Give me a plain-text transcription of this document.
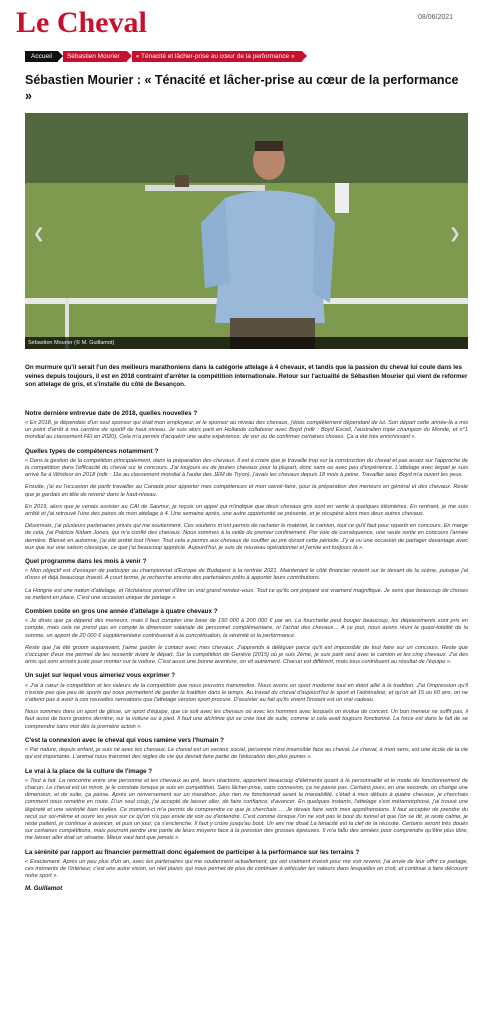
Le Cheval	08/06/2021
Accueil	Sébastien Mourier	« Ténacité et lâcher-prise au cœur de la performance »
Sébastien Mourier : « Ténacité et lâcher-prise au cœur de la performance »
❮	❯
Sébastien Mourier (© M. Guillamot)

On murmure qu'il serait l'un des meilleurs marathoniens dans la catégorie attelage à 4 chevaux, et tandis que la passion du cheval lui coule dans les veines depuis toujours, il est en 2018 contraint d'arrêter la compétition internationale. Retour sur l'actualité de Sébastien Mourier qui vient de reformer son attelage de gris, et s'installe du côté de Besançon.

Notre dernière entrevue date de 2018, quelles nouvelles ?

« En 2018, je dépendais d'un seul sponsor qui était mon employeur, et le sponsor au niveau des chevaux, j'étais complètement dépendant de lui. Son départ cette année-là a mis un point d'arrêt à ma carrière de sportif de haut niveau. Je suis alors parti en Hollande collaborer avec Boyd (ndlr : Boyd Excell, l'australien triple champion du Monde, et n°1 mondial au classement FEI en 2020). Cela m'a permis d'acquérir une autre expérience, de voir ou de confirmer certaines choses. Ça a été très enrichissant ».

Quelles types de compétences notamment ?

« Dans la gestion de la compétition principalement, dans la préparation des chevaux. Il est à croire que je travaille trop sur la construction du cheval et pas assez sur l'approche de la compétition dans l'efficacité du cheval sur le concours. J'ai toujours eu de jeunes chevaux pour la plupart, donc sans ou avec peu d'expérience. L'attelage avec lequel je suis arrivé 5e à Windsor en 2018 (ndlr : 11e au classement mondial à l'aube des JEM de Tryon), j'avais les chevaux depuis 18 mois à peine. Travailler avec Boyd m'a ouvert les yeux.

Ensuite, j'ai eu l'occasion de partir travailler au Canada pour apporter mes compétences et mon savoir-faire, pour la préparation des meneurs en général et des chevaux. Reste que je gardais en tête de revenir dans le haut-niveau.

En 2019, alors que je venais assister au CAI de Saumur, je reçois un appel qui m'indique que deux chevaux gris sont en vente à quelques kilomètres. En rentrant, je me suis arrêté et j'ai retrouvé l'une des paires de mon attelage à 4. Une semaine après, une autre opportunité se présente, et je récupère alors mes deux autres chevaux.

Désormais, j'ai plusieurs partenaires privés qui me soutiennent. Ces soutiens m'ont permis de racheter le matériel, le camion, tout ce qu'il faut pour repartir en concours. En marge de cela, j'ai Patricia Nidam Jones, qui m'a confié des chevaux. Nous sommes à la veille du premier confinement. Par voie de conséquence, une seule sortie en concours l'année dernière. Blessé en automne, j'ai été arrêté tout l'hiver. Tout cela a permis aux chevaux de souffler au pré durant cette période. J'y ai vu une occasion de partager davantage avec eux que sur une saison classique, ce que j'ai beaucoup apprécié. Aujourd'hui, je suis de nouveau opérationnel et j'envie est toujours là ».

Quel programme dans les mois à venir ?

« Mon objectif est d'essayer de participer au championnat d'Europe de Budapest à la rentrée 2021. Maintenant le côté financier revient sur le devant de la scène, puisque j'ai d'ores et déjà beaucoup investi. A court terme, je recherche encore des partenaires prêts à apporter leurs contributions.

La Hongrie est une nation d'attelage, et l'échéance promet d'être un vrai grand rendez-vous. Tout ce qu'ils ont préparé est vraiment magnifique. Je sens que beaucoup de choses se mettent en place. C'est une occasion unique de partage ».

Combien coûte en gros une année d'attelage à quatre chevaux ?

« Je dirais que ça dépend des meneurs, mais il faut compter une base de 150 000 à 200 000 € par an. La fourchette peut bouger beaucoup, les déplacements sont pris en compte, mais cela ne prend pas en compte la dimension salariale de personnel complémentaire, ni l'achat des chevaux… A ce jour, nous avons réuni la quasi-totalité de la somme, un apport de 20 000 € supplémentaire contribuerait à la concrétisation, la sérénité et la performance.

Reste que j'ai été groom auparavant, j'aime garder le contact avec mes chevaux. J'apprends à déléguer parce qu'il est impossible de tout faire sur un concours. Reste que s'occuper d'eux me permet de les ressentir avant le départ. Sur la compétition de Genève (2015) où je suis 2ème, je suis parti seul avec le camion et les cinq chevaux. J'ai des amis qui sont arrivés juste pour monter sur la voiture. C'est aussi une bonne aventure, on vit autrement. Chacun est différent, mais tous contribuent au résultat de l'équipe ».

Un sujet sur lequel vous aimeriez vous exprimer ?

« J'ai à cœur la compétition et les valeurs de la compétition que nous pouvons transmettre. Nous avons un sport moderne tout en étant allié à la tradition. J'ai l'impression qu'il n'existe pas que peu de sports qui nous permettent de garder la tradition dans le temps. Au travail du cheval d'aujourd'hui le sport et l'adrénaline, et qu'on ait 15 ou 60 ans, on ne s'attend pas à avoir à ces nouvelles sensations que l'attelage version sport procure. D'assister au fait qu'ils vivent l'instant est un vrai cadeau.

Nous sommes dans un sport de glisse, un sport d'équipe, que ce soit avec les chevaux où avec les hommes avec lesquels on évolue de concert. Un bon meneur ne suffit pas, il faut aussi de bons grooms derrière, sur la voiture ou à pied. Il faut une alchimie qui se crée tout de suite, comme si cela avait toujours fonctionné. La force est dans le fait de se comprendre sans mot dès la première action ».

C'est la connexion avec le cheval qui vous ramène vers l'humain ?

« Par nature, depuis enfant, je suis né avec les chevaux. Le cheval est un vecteur social, personne n'est insensible face au cheval. Le cheval, à mon sens, est une école de la vie qui est importante. L'animal nous transmet des règles de vie qui devrait faire partie de l'éducation des plus jeunes ».

Le vrai à la place de la culture de l'image ?

« Tout à fait. La rencontre entre une personne et les chevaux au pré, leurs réactions, apportent beaucoup d'éléments quant à la personnalité et le mode de fonctionnement de chacun. Le cheval est un miroir, je le constate lorsque je suis en compétition. Sans lâcher-prise, sans connexion, ça ne passe pas. Certains jours, en une seconde, on change une dimension, et de suite, ça passe. Après un renversement sur un marathon, plus rien ne fonctionnait avant la maniabilité, c'était à mes débuts à quatre chevaux, je cherchais comment nous remettre en route. D'un seul coup, j'ai accepté de laisser aller, de faire confiance, d'avancer. En quelques instants, l'attelage s'est métamorphosé, j'ai trouvé une légèreté et une sérénité bien réelles. Ce moment-ci m'a permis de comprendre ce que je cherchais … Je devais faire sortir mes appréhensions. Il faut accepter de prendre du recul sur soi-même et ouvrir les yeux sur ce qu'on n'a pas envie de voir ou d'entendre. C'est comme lorsque l'on ne voit pas le bout du tunnel et que l'on se dit, je reste calme, je reste patient, je continue à avancer, et puis un jour, ça s'enclenche. Il faut y croire jusqu'au bout. Un ami me disait La ténacité est la clef de la réussite. Certains seront très doués sur certaines compétitions, mais pourront perdre une partie de leurs moyens face à la pression des grosses épreuves. Il m'a fallu des années pour comprendre qu'être plus libre, me laisser aller était un sésame. Mieux vaut tard que jamais ».

La sérénité par rapport au financier permettrait donc également de participer à la performance sur les terrains ?

« Exactement. Après un peu plus d'un an, avec les partenaires qui me soutiennent actuellement, qui ont vraiment investi pour me voir revenir, j'ai envie de leur offrir ce partage, ces moments de l'intérieur, c'est une autre vision, un réel plaisir, qui nous permet de plus de continuer à véhiculer les valeurs dans lesquelles on croit, et continue à faire découvrir notre sport ».

M. Guillamot
